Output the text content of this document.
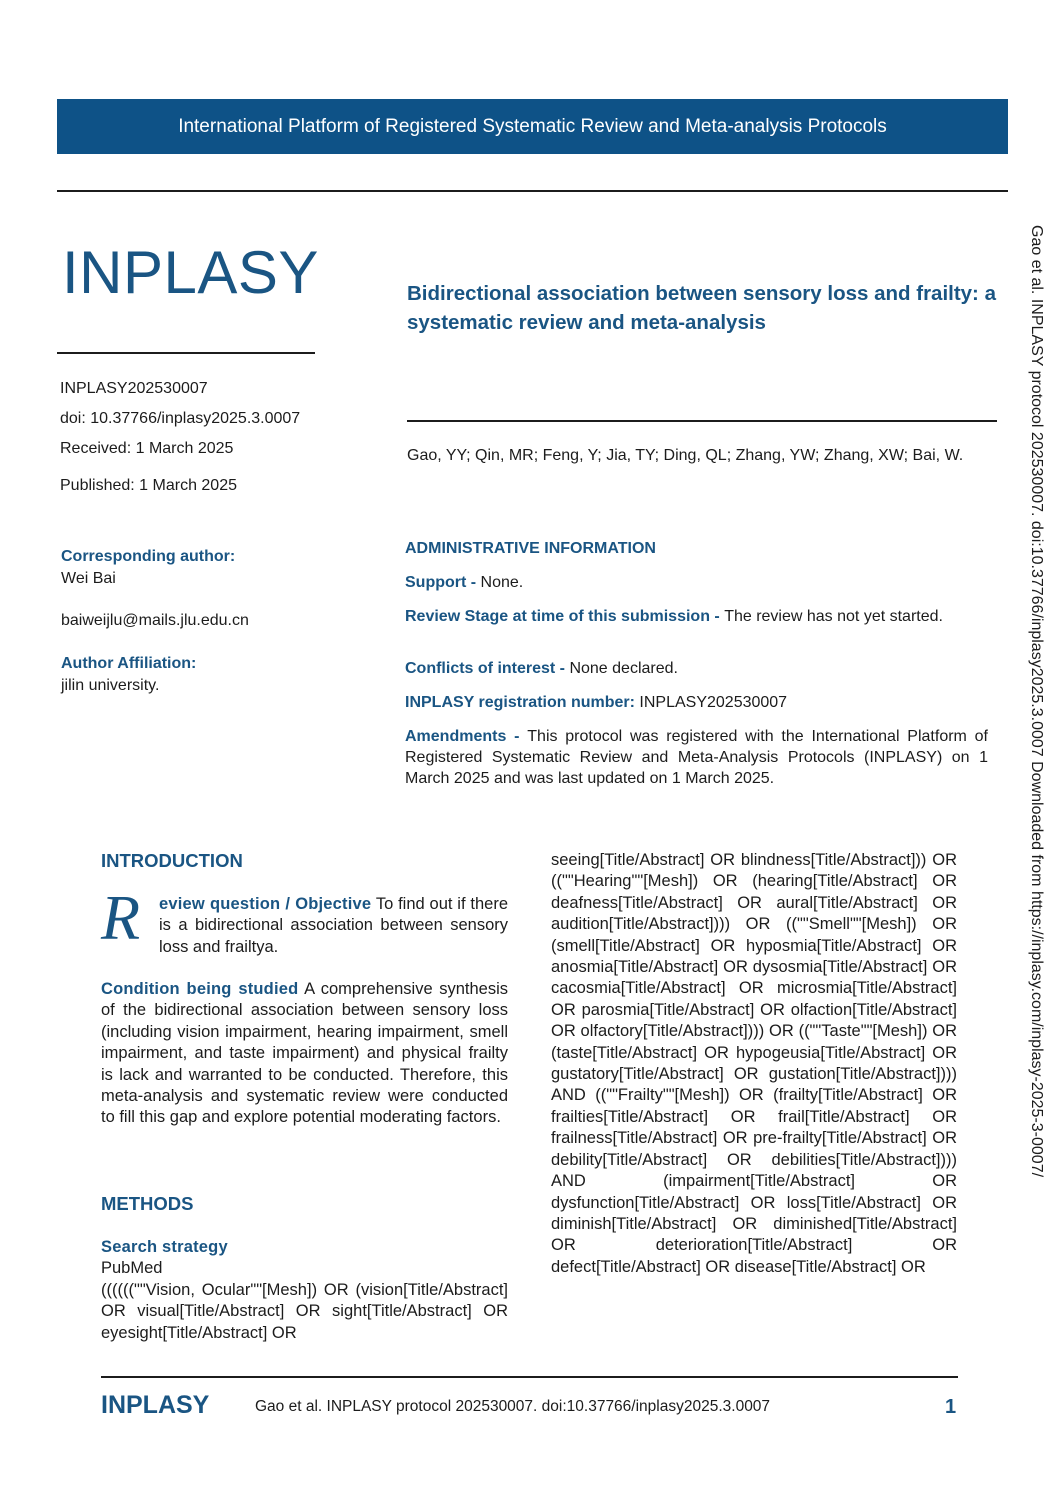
International Platform of Registered Systematic Review and Meta-analysis Protocols
INPLASY	Bidirectional association between sensory loss and frailty: a systematic review and meta-analysis
INPLASY202530007
doi: 10.37766/inplasy2025.3.0007
Received: 1 March 2025
Published: 1 March 2025
Gao, YY; Qin, MR; Feng, Y; Jia, TY; Ding, QL; Zhang, YW; Zhang, XW; Bai, W.
Corresponding author:
Wei Bai
baiweijlu@mails.jlu.edu.cn
Author Affiliation:
jilin university.
ADMINISTRATIVE INFORMATION
Support - None.
Review Stage at time of this submission - The review has not yet started.
Conflicts of interest - None declared.
INPLASY registration number: INPLASY202530007
Amendments - This protocol was registered with the International Platform of Registered Systematic Review and Meta-Analysis Protocols (INPLASY) on 1 March 2025 and was last updated on 1 March 2025.	Gao et al. INPLASY protocol 202530007. doi:10.37766/inplasy2025.3.0007 Downloaded from https://inplasy.com/inplasy-2025-3-0007/
INTRODUCTION
R eview question / Objective To find out if there is a bidirectional association between sensory loss and frailtya.
Condition being studied A comprehensive synthesis of the bidirectional association between sensory loss (including vision impairment, hearing impairment, smell impairment, and taste impairment) and physical frailty is lack and warranted to be conducted. Therefore, this meta-analysis and systematic review were conducted to fill this gap and explore potential moderating factors.
METHODS
Search strategy
PubMed
((((((""Vision, Ocular""[Mesh]) OR (vision[Title/Abstract] OR visual[Title/Abstract] OR sight[Title/Abstract] OR eyesight[Title/Abstract] OR
seeing[Title/Abstract] OR blindness[Title/Abstract])) OR ((""Hearing""[Mesh]) OR (hearing[Title/Abstract] OR deafness[Title/Abstract] OR aural[Title/Abstract] OR audition[Title/Abstract]))) OR ((""Smell""[Mesh]) OR (smell[Title/Abstract] OR hyposmia[Title/Abstract] OR anosmia[Title/Abstract] OR dysosmia[Title/Abstract] OR cacosmia[Title/Abstract] OR microsmia[Title/Abstract] OR parosmia[Title/Abstract] OR olfaction[Title/Abstract] OR olfactory[Title/Abstract]))) OR ((""Taste""[Mesh]) OR (taste[Title/Abstract] OR hypogeusia[Title/Abstract] OR gustatory[Title/Abstract] OR gustation[Title/Abstract]))) AND ((""Frailty""[Mesh]) OR (frailty[Title/Abstract] OR frailties[Title/Abstract] OR frail[Title/Abstract] OR frailness[Title/Abstract] OR pre-frailty[Title/Abstract] OR debility[Title/Abstract] OR debilities[Title/Abstract]))) AND (impairment[Title/Abstract] OR dysfunction[Title/Abstract] OR loss[Title/Abstract] OR diminish[Title/Abstract] OR diminished[Title/Abstract] OR deterioration[Title/Abstract] OR defect[Title/Abstract] OR disease[Title/Abstract] OR
INPLASY	Gao et al. INPLASY protocol 202530007. doi:10.37766/inplasy2025.3.0007	1
